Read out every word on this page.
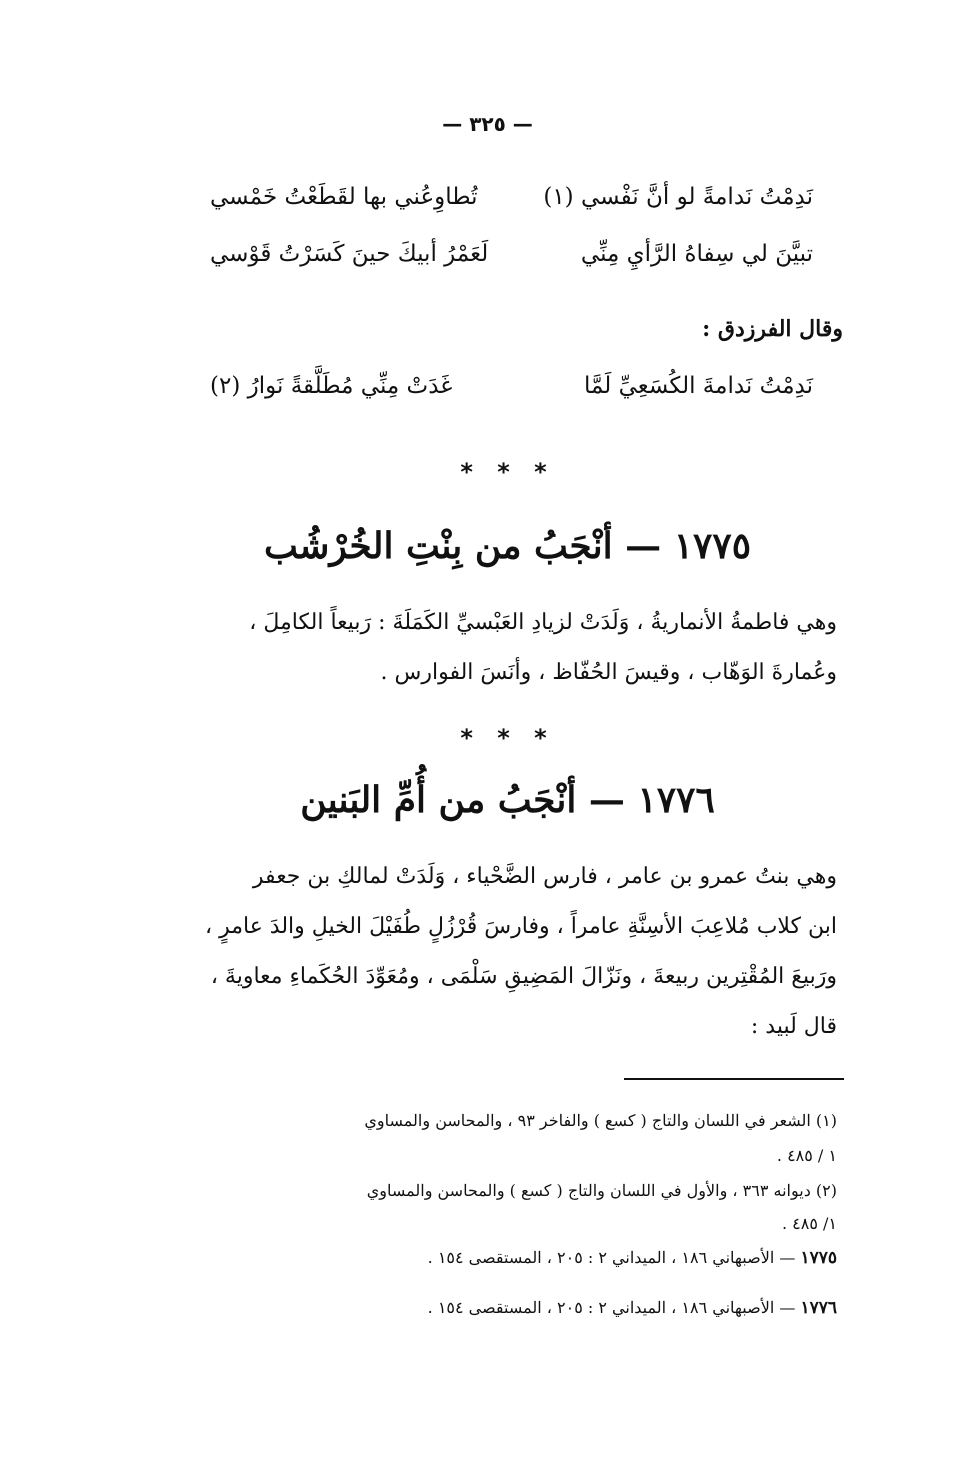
— ٣٢٥ —
نَدِمْتُ نَدامةً لو أنَّ نَفْسي (١)
تُطاوِعُني بها لقَطَعْتُ خَمْسي
تبيَّنَ لي سِفاهُ الرَّأيِ مِنِّي
لَعَمْرُ أبيكَ حينَ كَسَرْتُ قَوْسي
وقال الفرزدق :
نَدِمْتُ نَدامةَ الكُسَعِيِّ لَمَّا
غَدَتْ مِنِّي مُطَلَّقةً نَوارُ (٢)
* * *
١٧٧٥ — أنْجَبُ من بِنْتِ الخُرْشُب
وهي فاطمةُ الأنماريةُ ، وَلَدَتْ لزيادِ العَبْسيِّ الكَمَلَةَ : رَبيعاً الكامِلَ ،
وعُمارةَ الوَهّاب ، وقيسَ الحُفّاظ ، وأنَسَ الفوارس .
* * *
١٧٧٦ — أنْجَبُ من أُمِّ البَنين
وهي بنتُ عمرو بن عامر ، فارس الضَّحْياء ، وَلَدَتْ لمالكِ بن جعفر
ابن كلاب مُلاعِبَ الأسِنَّةِ عامراً ، وفارسَ قُرْزُلٍ طُفَيْلَ الخيلِ والدَ عامرٍ ،
ورَبيعَ المُقْتِرين ربيعةَ ، ونَزّالَ المَضِيقِ سَلْمَى ، ومُعَوِّدَ الحُكَماءِ معاويةَ ،
قال لَبيد :
(١) الشعر في اللسان والتاج ( كسع ) والفاخر ٩٣ ، والمحاسن والمساوي
١ / ٤٨٥ .
(٢) ديوانه ٣٦٣ ، والأول في اللسان والتاج ( كسع ) والمحاسن والمساوي
١/ ٤٨٥ .
١٧٧٥ — الأصبهاني ١٨٦ ، الميداني ٢ : ٢٠٥ ، المستقصى ١٥٤ .
١٧٧٦ — الأصبهاني ١٨٦ ، الميداني ٢ : ٢٠٥ ، المستقصى ١٥٤ .
